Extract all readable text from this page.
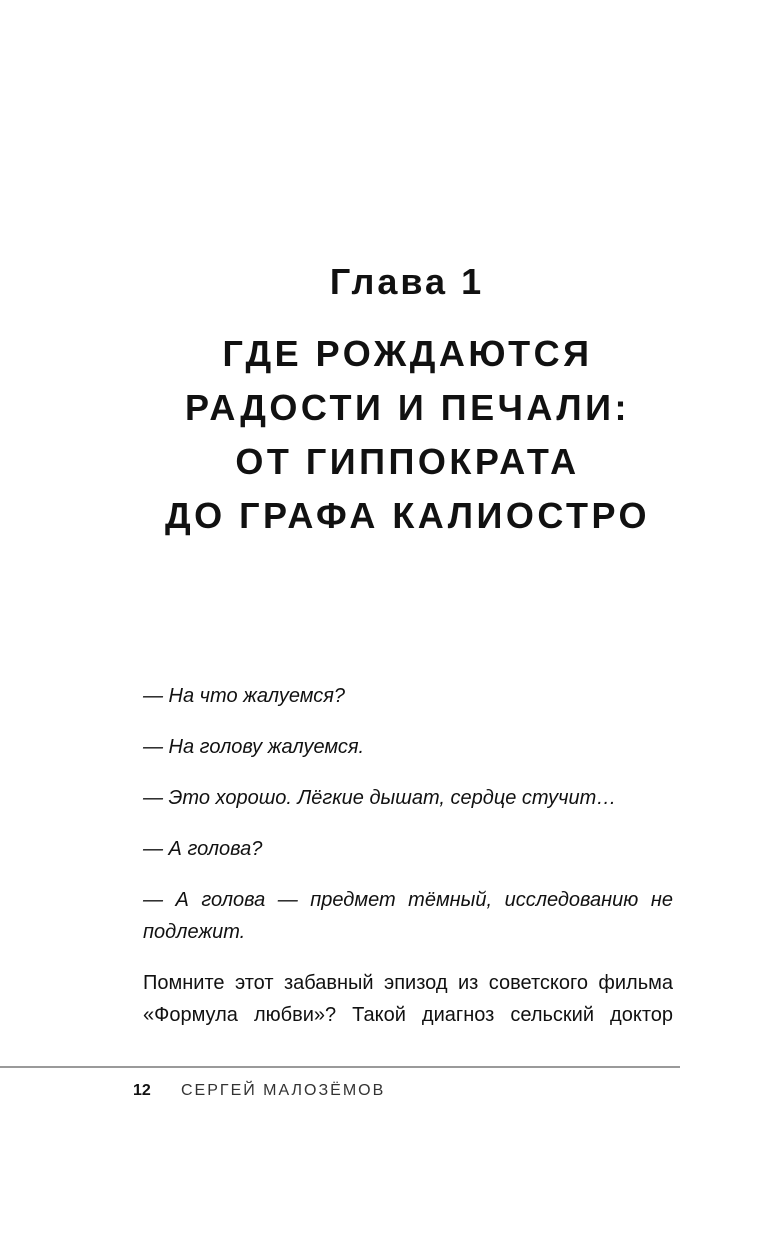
Глава 1
ГДЕ РОЖДАЮТСЯ
РАДОСТИ И ПЕЧАЛИ:
ОТ ГИППОКРАТА
ДО ГРАФА КАЛИОСТРО

— На что жалуемся?

— На голову жалуемся.

— Это хорошо. Лёгкие дышат, сердце стучит…

— А голова?

— А голова — предмет тёмный, исследованию не подлежит.

Помните этот забавный эпизод из советского фильма «Формула любви»? Такой диагноз сельский доктор

12	СЕРГЕЙ МАЛОЗЁМОВ
